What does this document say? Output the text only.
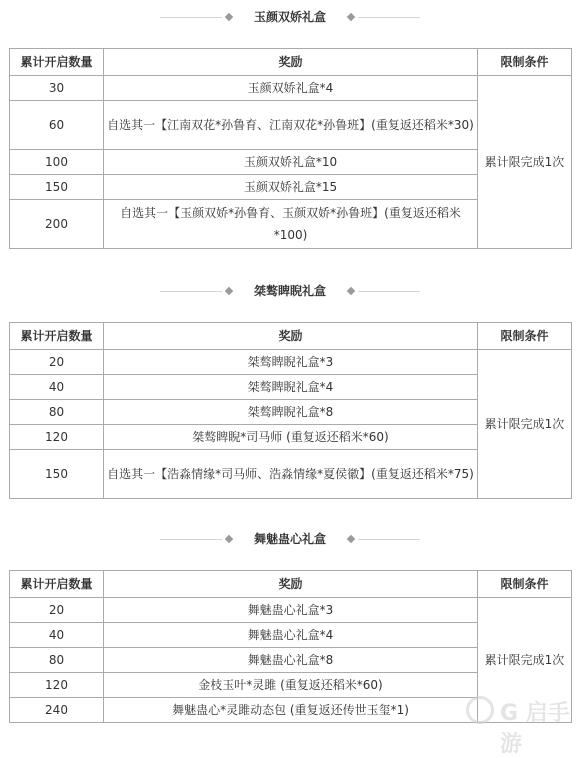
玉颜双娇礼盒
累计开启数量	奖励	限制条件
30	玉颜双娇礼盒*4	累计限完成1次
60	自选其一【江南双花*孙鲁育、江南双花*孙鲁班】(重复返还稻米*30)	
100	玉颜双娇礼盒*10	
150	玉颜双娇礼盒*15	
200	自选其一【玉颜双娇*孙鲁育、玉颜双娇*孙鲁班】(重复返还稻米*100)	
桀骜睥睨礼盒
累计开启数量	奖励	限制条件
20	桀骜睥睨礼盒*3	累计限完成1次
40	桀骜睥睨礼盒*4	
80	桀骜睥睨礼盒*8	
120	桀骜睥睨*司马师 (重复返还稻米*60)	
150	自选其一【浩淼情缘*司马师、浩淼情缘*夏侯徽】(重复返还稻米*75)	
舞魅蛊心礼盒
累计开启数量	奖励	限制条件
20	舞魅蛊心礼盒*3	累计限完成1次
40	舞魅蛊心礼盒*4	
80	舞魅蛊心礼盒*8	
120	金枝玉叶*灵雎 (重复返还稻米*60)	
240	舞魅蛊心*灵雎动态包 (重复返还传世玉玺*1)		G 启手游
